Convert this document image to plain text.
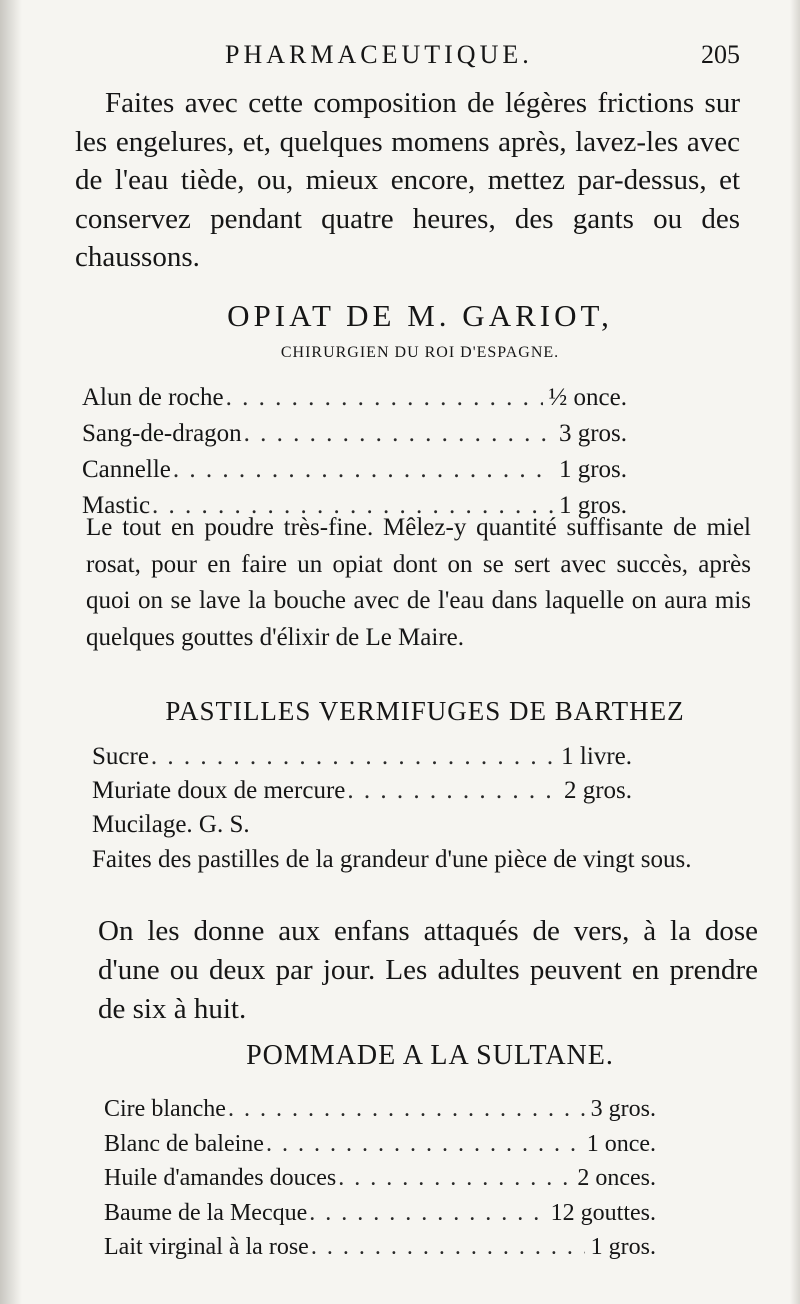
PHARMACEUTIQUE.	205

Faites avec cette composition de légères frictions sur les engelures, et, quelques momens après, lavez-les avec de l'eau tiède, ou, mieux encore, mettez par-dessus, et conservez pendant quatre heures, des gants ou des chaussons.

OPIAT DE M. GARIOT,
CHIRURGIEN DU ROI D'ESPAGNE.
Alun de roche . . .	½ once.
Sang-de-dragon . . .	3 gros.
Cannelle . . .	1 gros.
Mastic . . .	1 gros.

Le tout en poudre très-fine. Mêlez-y quantité suffisante de miel rosat, pour en faire un opiat dont on se sert avec succès, après quoi on se lave la bouche avec de l'eau dans laquelle on aura mis quelques gouttes d'élixir de Le Maire.

PASTILLES VERMIFUGES DE BARTHEZ
Sucre . . .	1 livre.
Muriate doux de mercure . . .	2 gros.
Mucilage. G. S.

Faites des pastilles de la grandeur d'une pièce de vingt sous.

On les donne aux enfans attaqués de vers, à la dose d'une ou deux par jour. Les adultes peuvent en prendre de six à huit.

POMMADE A LA SULTANE.
Cire blanche . . .	3 gros.
Blanc de baleine . . .	1 once.
Huile d'amandes douces . . .	2 onces.
Baume de la Mecque . . .	12 gouttes.
Lait virginal à la rose . . .	1 gros.
